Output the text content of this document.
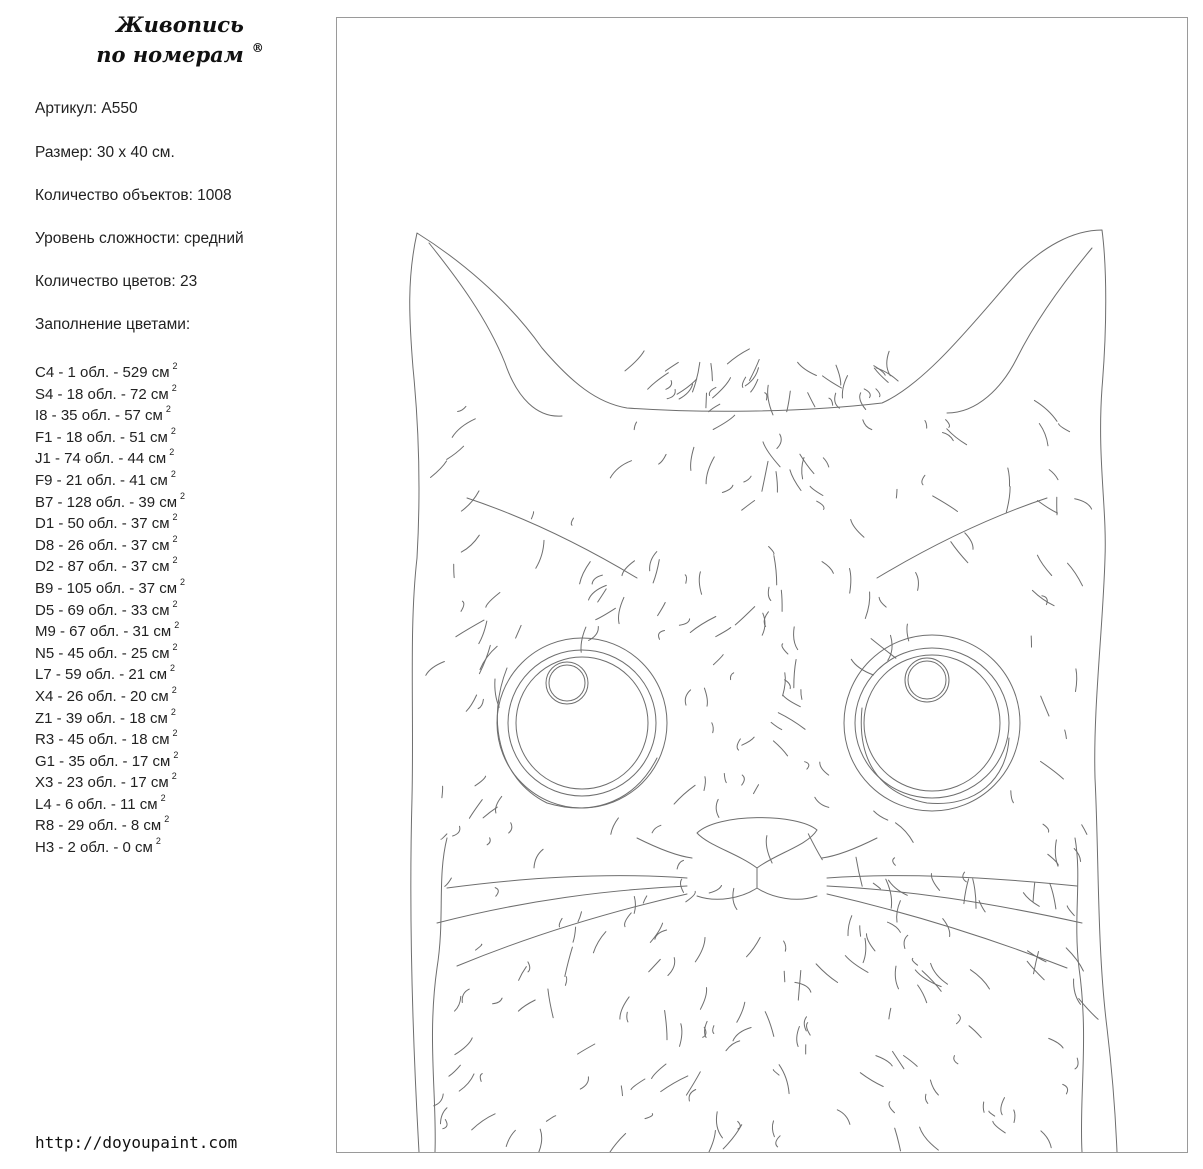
Живопись
по номерам ®
Артикул: A550
Размер: 30 х 40 см.
Количество объектов: 1008
Уровень сложности: средний
Количество цветов: 23
Заполнение цветами:
C4 - 1 обл. - 529 см $^2$
S4 - 18 обл. - 72 см $^2$
I8 - 35 обл. - 57 см $^2$
F1 - 18 обл. - 51 см $^2$
J1 - 74 обл. - 44 см $^2$
F9 - 21 обл. - 41 см $^2$
B7 - 128 обл. - 39 см $^2$
D1 - 50 обл. - 37 см $^2$
D8 - 26 обл. - 37 см $^2$
D2 - 87 обл. - 37 см $^2$
B9 - 105 обл. - 37 см $^2$
D5 - 69 обл. - 33 см $^2$
M9 - 67 обл. - 31 см $^2$
N5 - 45 обл. - 25 см $^2$
L7 - 59 обл. - 21 см $^2$
X4 - 26 обл. - 20 см $^2$
Z1 - 39 обл. - 18 см $^2$
R3 - 45 обл. - 18 см $^2$
G1 - 35 обл. - 17 см $^2$
X3 - 23 обл. - 17 см $^2$
L4 - 6 обл. - 11 см $^2$
R8 - 29 обл. - 8 см $^2$
H3 - 2 обл. - 0 см $^2$
http://doyoupaint.com
